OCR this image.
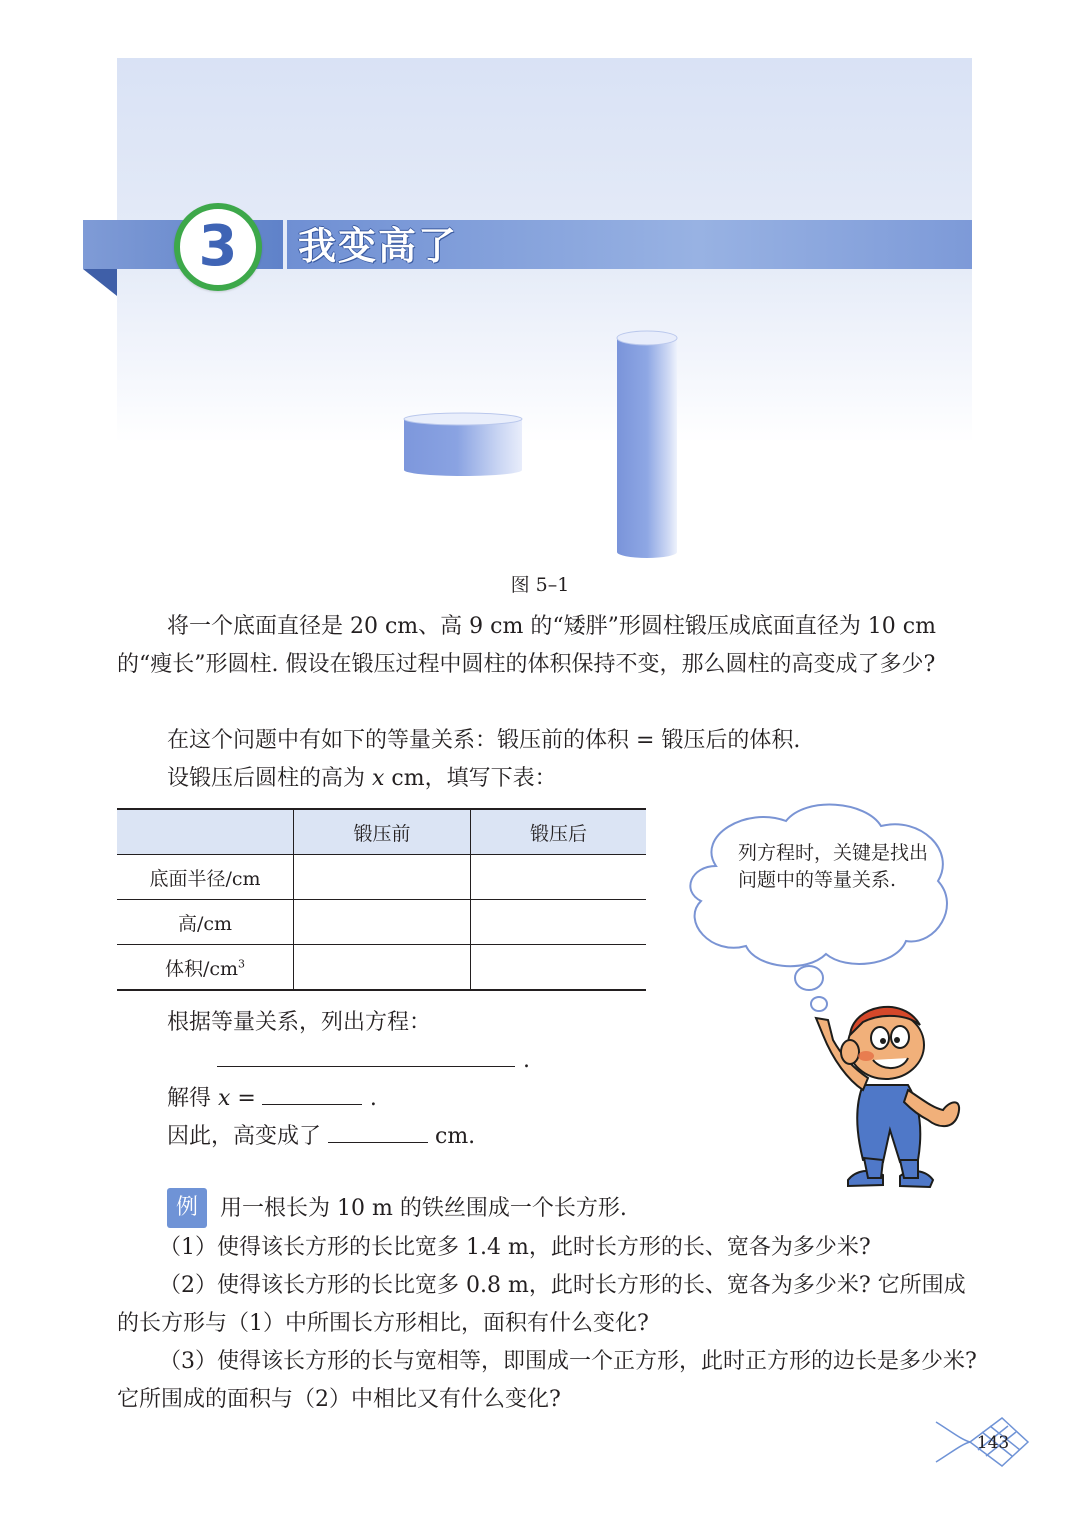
3	我变高了
图 5–1

将一个底面直径是 20 cm、高 9 cm 的“矮胖”形圆柱锻压成底面直径为 10 cm 的“瘦长”形圆柱. 假设在锻压过程中圆柱的体积保持不变，那么圆柱的高变成了多少?

在这个问题中有如下的等量关系：锻压前的体积 = 锻压后的体积.

设锻压后圆柱的高为 x cm，填写下表：

	锻压前	锻压后
底面半径/cm		
高/cm		
体积$/cm^3$		

列方程时，关键是找出问题中的等量关系.

根据等量关系，列出方程：
.
解得 x =	.
因此，高变成了	cm.
例	用一根长为 10 m 的铁丝围成一个长方形.

（1）使得该长方形的长比宽多 1.4 m，此时长方形的长、宽各为多少米?

（2）使得该长方形的长比宽多 0.8 m，此时长方形的长、宽各为多少米? 它所围成的长方形与（1）中所围长方形相比，面积有什么变化?

（3）使得该长方形的长与宽相等，即围成一个正方形，此时正方形的边长是多少米? 它所围成的面积与（2）中相比又有什么变化?

143
